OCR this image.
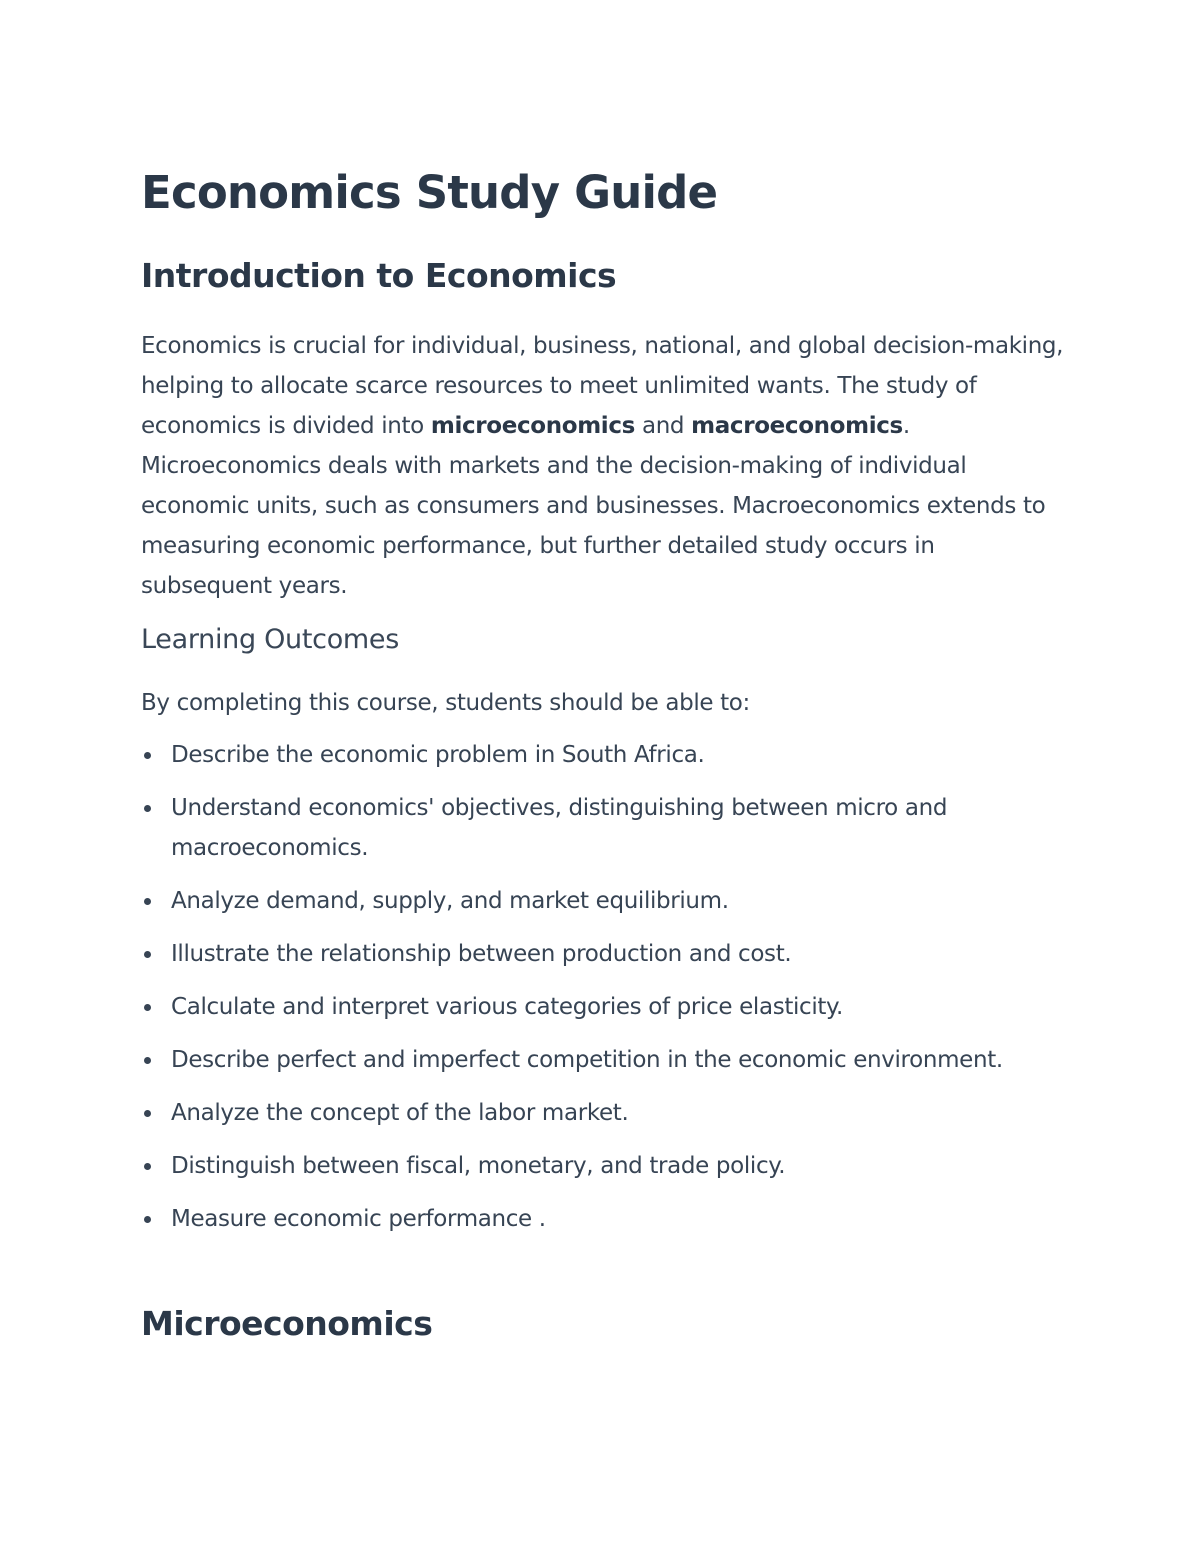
Economics Study Guide
Introduction to Economics

Economics is crucial for individual, business, national, and global decision-making, helping to allocate scarce resources to meet unlimited wants. The study of economics is divided into microeconomics and macroeconomics. Microeconomics deals with markets and the decision-making of individual economic units, such as consumers and businesses. Macroeconomics extends to measuring economic performance, but further detailed study occurs in subsequent years.

Learning Outcomes

By completing this course, students should be able to:

Describe the economic problem in South Africa.
Understand economics' objectives, distinguishing between micro and macroeconomics.
Analyze demand, supply, and market equilibrium.
Illustrate the relationship between production and cost.
Calculate and interpret various categories of price elasticity.
Describe perfect and imperfect competition in the economic environment.
Analyze the concept of the labor market.
Distinguish between fiscal, monetary, and trade policy.
Measure economic performance .
Microeconomics
